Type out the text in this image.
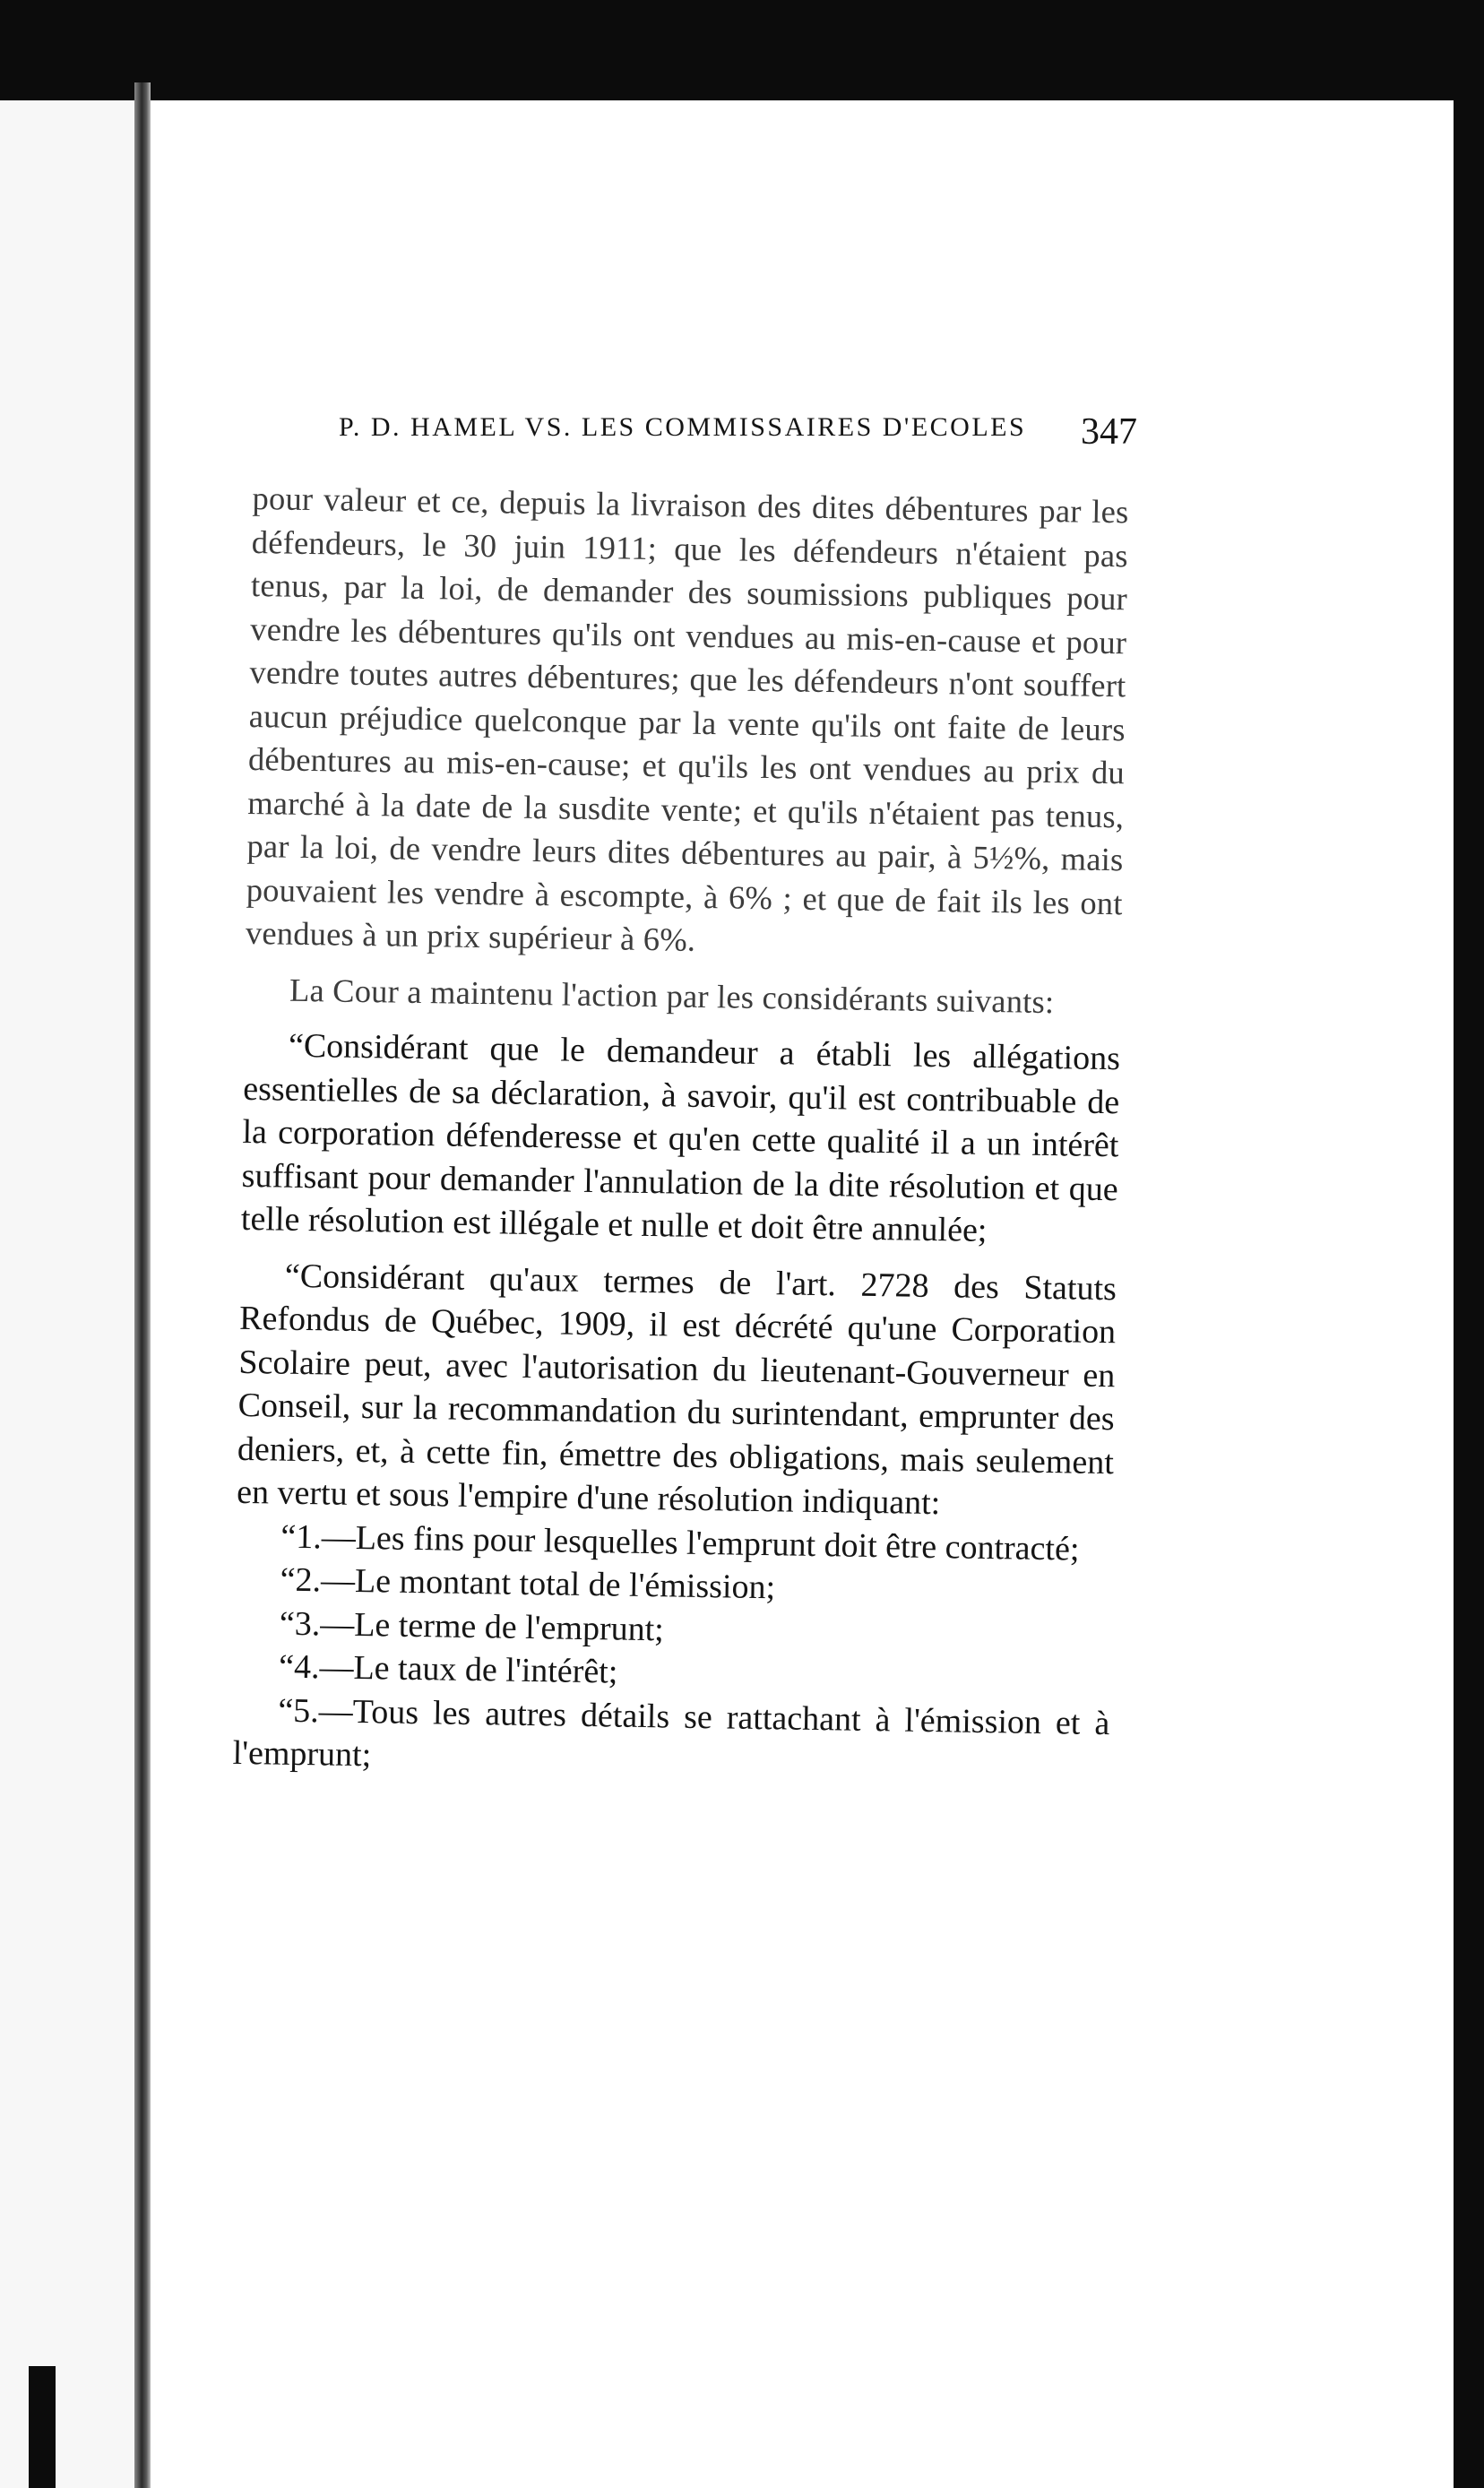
P. D. HAMEL VS. LES COMMISSAIRES D'ECOLES	347

pour valeur et ce, depuis la livraison des dites débentures par les défendeurs, le 30 juin 1911; que les défendeurs n'étaient pas tenus, par la loi, de demander des soumissions publiques pour vendre les débentures qu'ils ont vendues au mis-en-cause et pour vendre toutes autres débentures; que les défendeurs n'ont souffert aucun préjudice quelconque par la vente qu'ils ont faite de leurs débentures au mis-en-cause; et qu'ils les ont vendues au prix du marché à la date de la susdite vente; et qu'ils n'étaient pas tenus, par la loi, de vendre leurs dites débentures au pair, à 5½%, mais pouvaient les vendre à escompte, à 6% ; et que de fait ils les ont vendues à un prix supérieur à 6%.

La Cour a maintenu l'action par les considérants suivants:

“Considérant que le demandeur a établi les allégations essentielles de sa déclaration, à savoir, qu'il est contribuable de la corporation défenderesse et qu'en cette qualité il a un intérêt suffisant pour demander l'annulation de la dite résolution et que telle résolution est illégale et nulle et doit être annulée;

“Considérant qu'aux termes de l'art. 2728 des Statuts Refondus de Québec, 1909, il est décrété qu'une Corporation Scolaire peut, avec l'autorisation du lieutenant-Gouverneur en Conseil, sur la recommandation du surintendant, emprunter des deniers, et, à cette fin, émettre des obligations, mais seulement en vertu et sous l'empire d'une résolution indiquant:

“1.—Les fins pour lesquelles l'emprunt doit être contracté;

“2.—Le montant total de l'émission;

“3.—Le terme de l'emprunt;

“4.—Le taux de l'intérêt;

“5.—Tous les autres détails se rattachant à l'émission et à l'emprunt;
